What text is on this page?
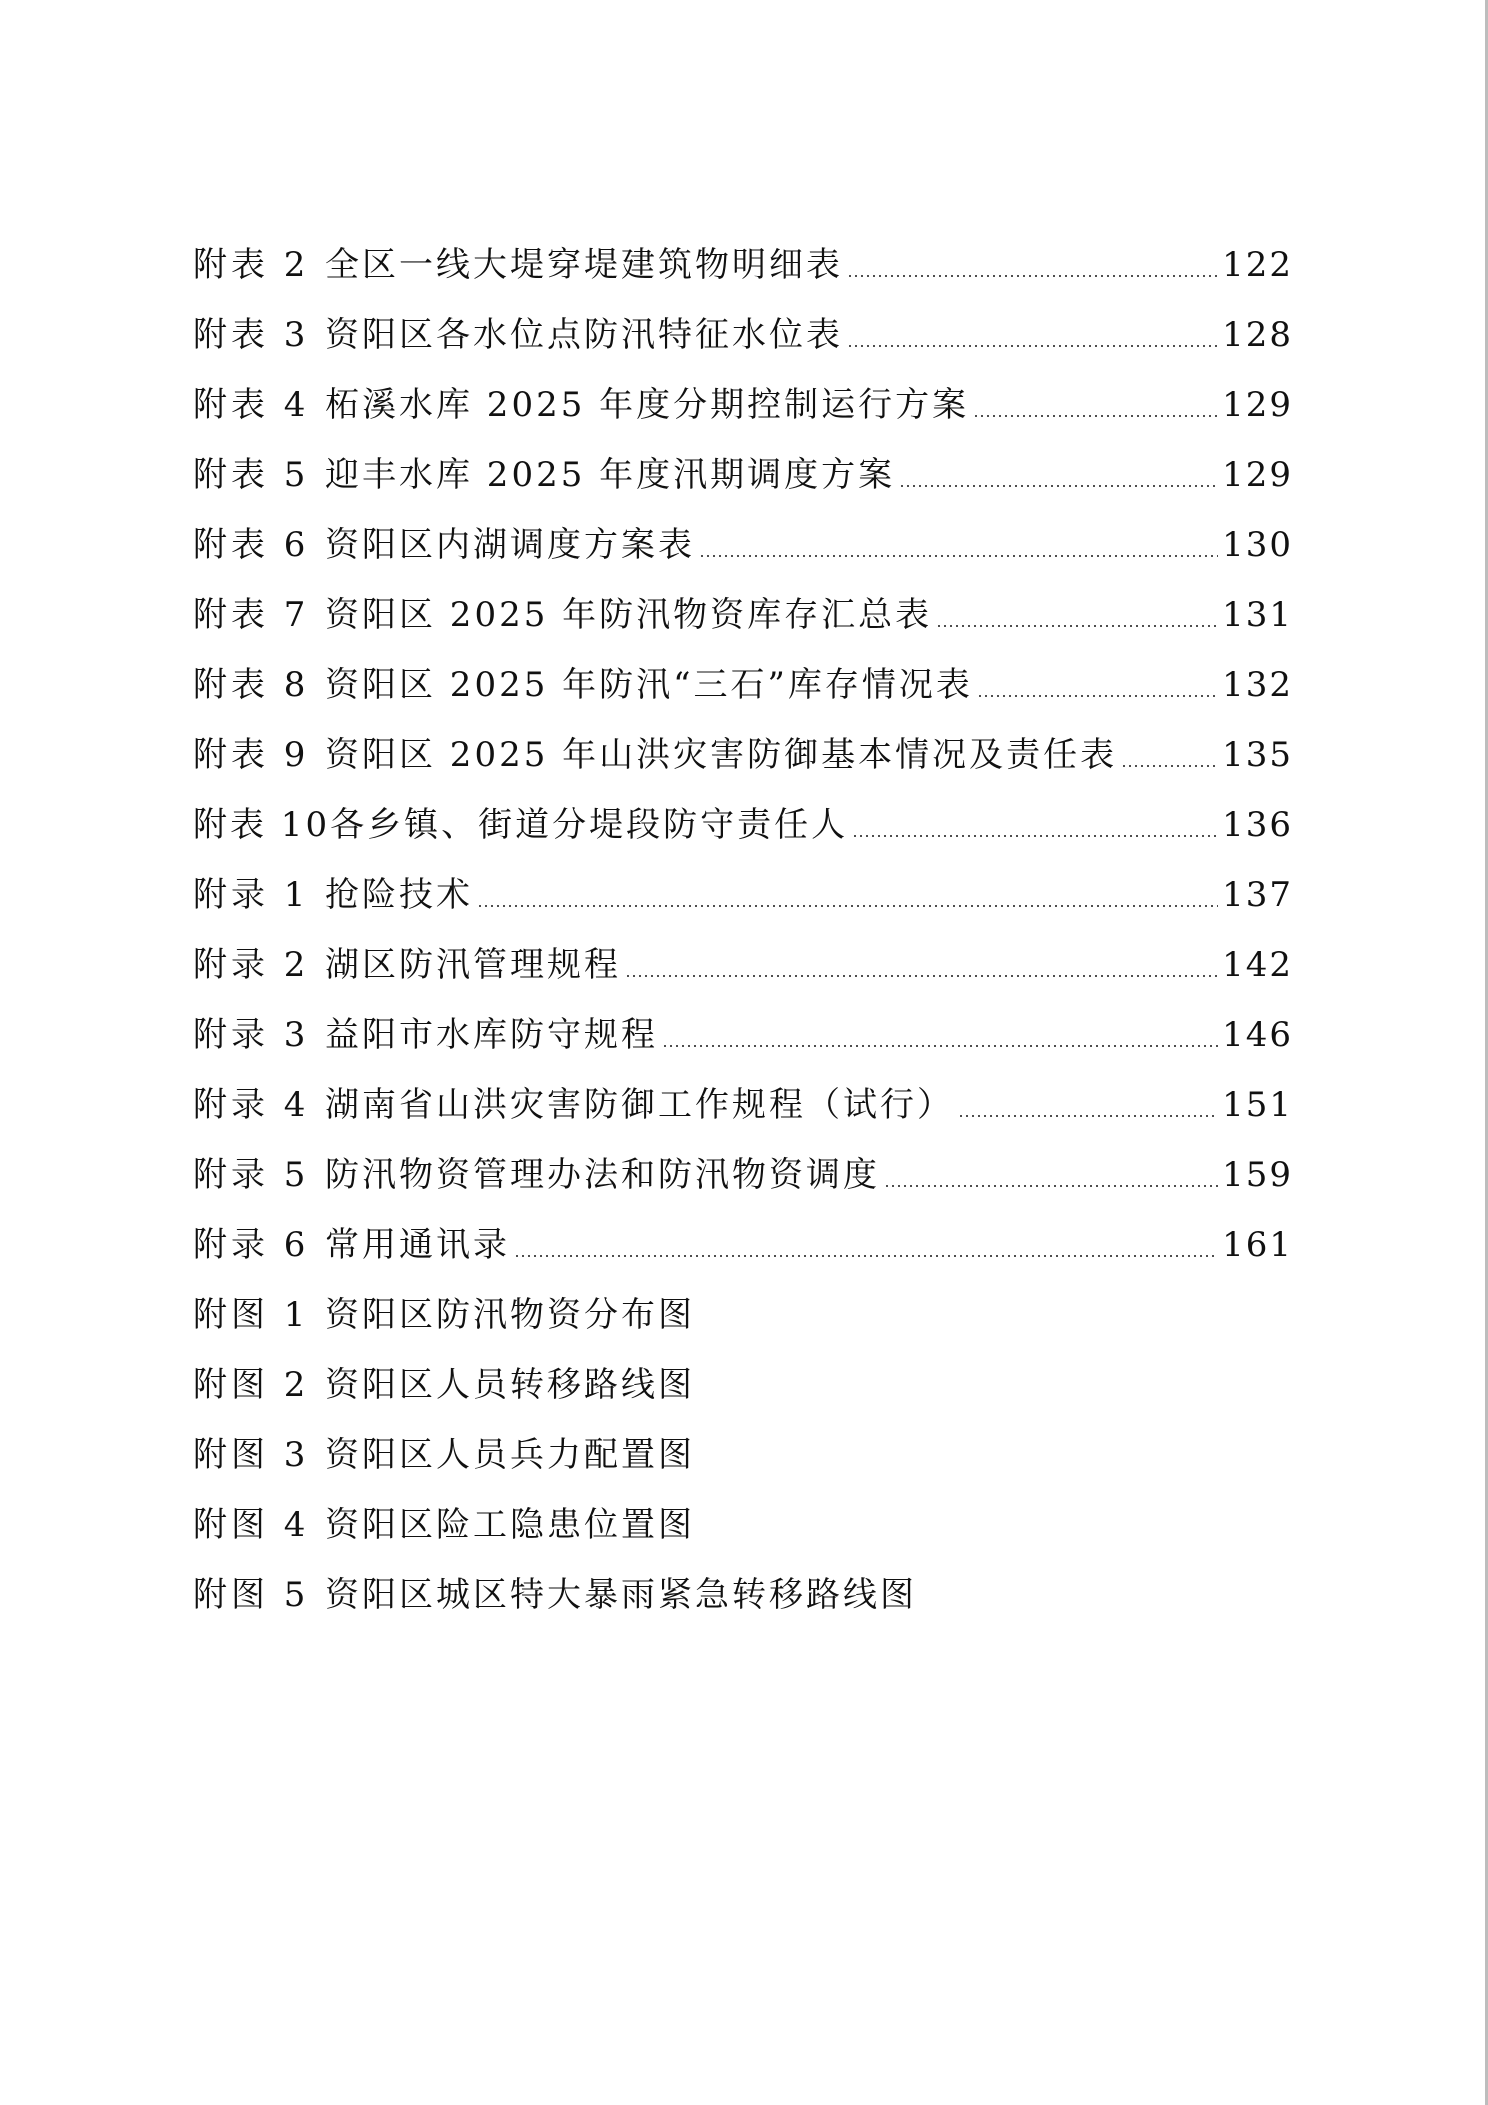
附表 2 全区一线大堤穿堤建筑物明细表	122
附表 3 资阳区各水位点防汛特征水位表	128
附表 4 柘溪水库 2025 年度分期控制运行方案	129
附表 5 迎丰水库 2025 年度汛期调度方案	129
附表 6 资阳区内湖调度方案表	130
附表 7 资阳区 2025 年防汛物资库存汇总表	131
附表 8 资阳区 2025 年防汛“三石”库存情况表	132
附表 9 资阳区 2025 年山洪灾害防御基本情况及责任表	135
附表 10 各乡镇、街道分堤段防守责任人	136
附录 1 抢险技术	137
附录 2 湖区防汛管理规程	142
附录 3 益阳市水库防守规程	146
附录 4 湖南省山洪灾害防御工作规程（试行）	151
附录 5 防汛物资管理办法和防汛物资调度	159
附录 6 常用通讯录	161
附图 1 资阳区防汛物资分布图
附图 2 资阳区人员转移路线图
附图 3 资阳区人员兵力配置图
附图 4 资阳区险工隐患位置图
附图 5 资阳区城区特大暴雨紧急转移路线图
